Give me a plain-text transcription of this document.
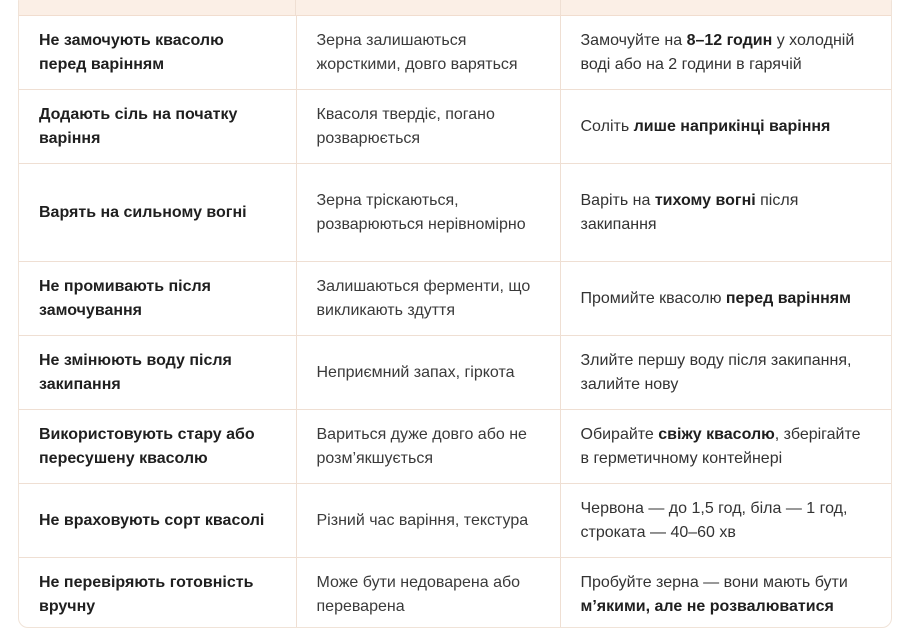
Не замочують квасолю перед варінням	Зерна залишаються жорсткими, довго варяться	Замочуйте на 8–12 годин у холодній воді або на 2 години в гарячій
Додають сіль на початку варіння	Квасоля твердіє, погано розварюється	Соліть лише наприкінці варіння
Варять на сильному вогні	Зерна тріскаються, розварюються нерівномірно	Варіть на тихому вогні після закипання
Не промивають після замочування	Залишаються ферменти, що викликають здуття	Промийте квасолю перед варінням
Не змінюють воду після закипання	Неприємний запах, гіркота	Злийте першу воду після закипання, залийте нову
Використовують стару або пересушену квасолю	Вариться дуже довго або не розм’якшується	Обирайте свіжу квасолю, зберігайте в герметичному контейнері
Не враховують сорт квасолі	Різний час варіння, текстура	Червона — до 1,5 год, біла — 1 год, строката — 40–60 хв
Не перевіряють готовність вручну	Може бути недоварена або переварена	Пробуйте зерна — вони мають бути м’якими, але не розвалюватися
